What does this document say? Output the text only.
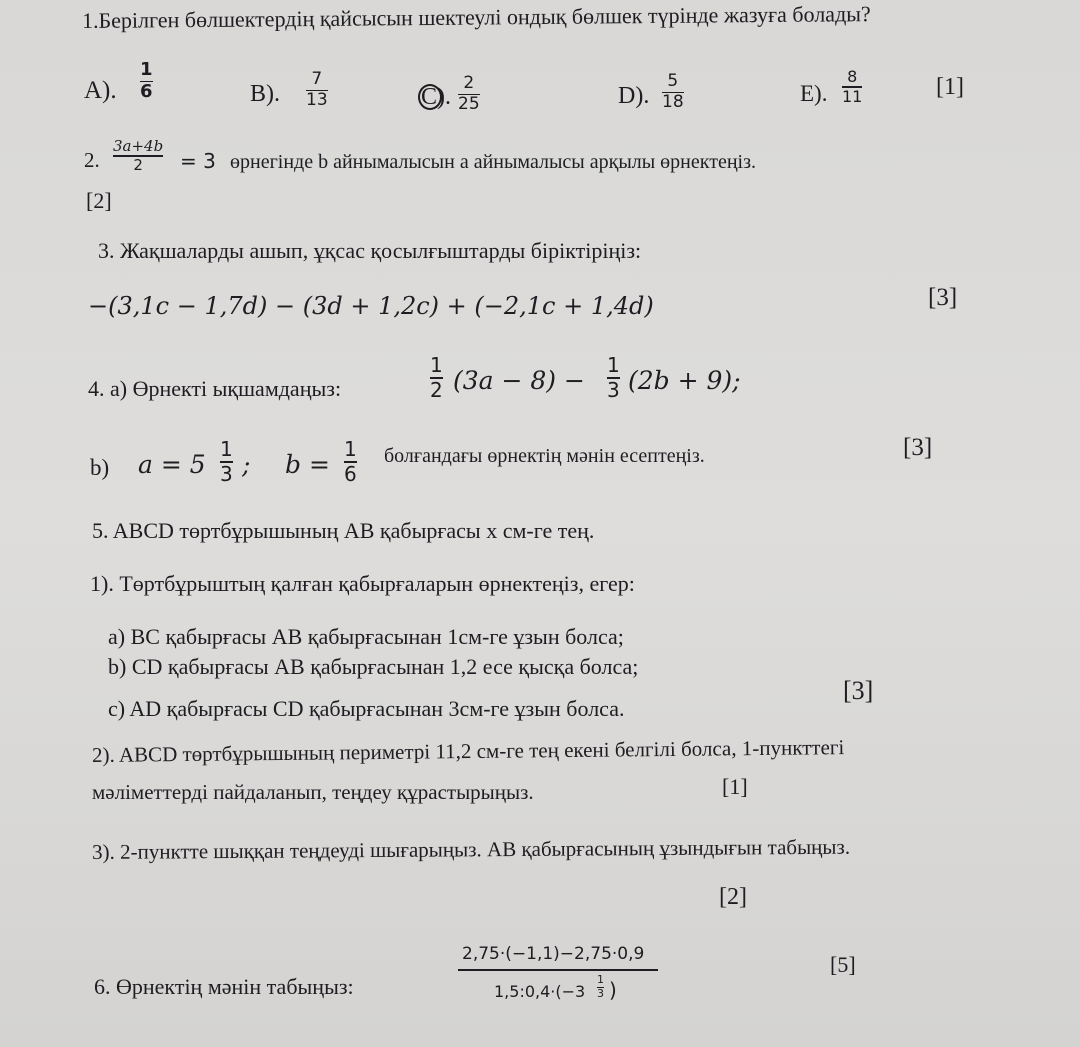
1.Берілген бөлшектердің қайсысын шектеулі ондық бөлшек түрінде жазуға болады?
A).
1
6	B).
7
13	C).
2
25	D).
5
18	E).
8
11	[1]
2.
3a+4b
2 = 3 өрнегінде b айнымалысын a айнымалысы арқылы өрнектеңіз.
[2]
3. Жақшаларды ашып, ұқсас қосылғыштарды біріктіріңіз:
−(3,1c − 1,7d) − (3d + 1,2c) + (−2,1c + 1,4d)	[3]
4. a) Өрнекті ықшамдаңыз:
1
2 (3a − 8) −
1
3 (2b + 9);
b) a = 5
1
3 ; b =
1
6
болғандағы өрнектің мәнін есептеңіз.	[3]
5. ABCD төртбұрышының AB қабырғасы x см-ге тең.
1). Төртбұрыштың қалған қабырғаларын өрнектеңіз, егер:
a) BC қабырғасы AB қабырғасынан 1см-ге ұзын болса;
b) CD қабырғасы AB қабырғасынан 1,2 есе қысқа болса;
c) AD қабырғасы CD қабырғасынан 3см-ге ұзын болса.
[3]
2). ABCD төртбұрышының периметрі 11,2 см-ге тең екені белгілі болса, 1-пункттегі
мәліметтерді пайдаланып, теңдеу құрастырыңыз.	[1]
3). 2-пунктте шыққан теңдеуді шығарыңыз. AB қабырғасының ұзындығын табыңыз.
[2]
6. Өрнектің мәнін табыңыз:
2,75·(−1,1)−2,75·0,9
1,5:0,4·(−3
1
3 )
[5]
